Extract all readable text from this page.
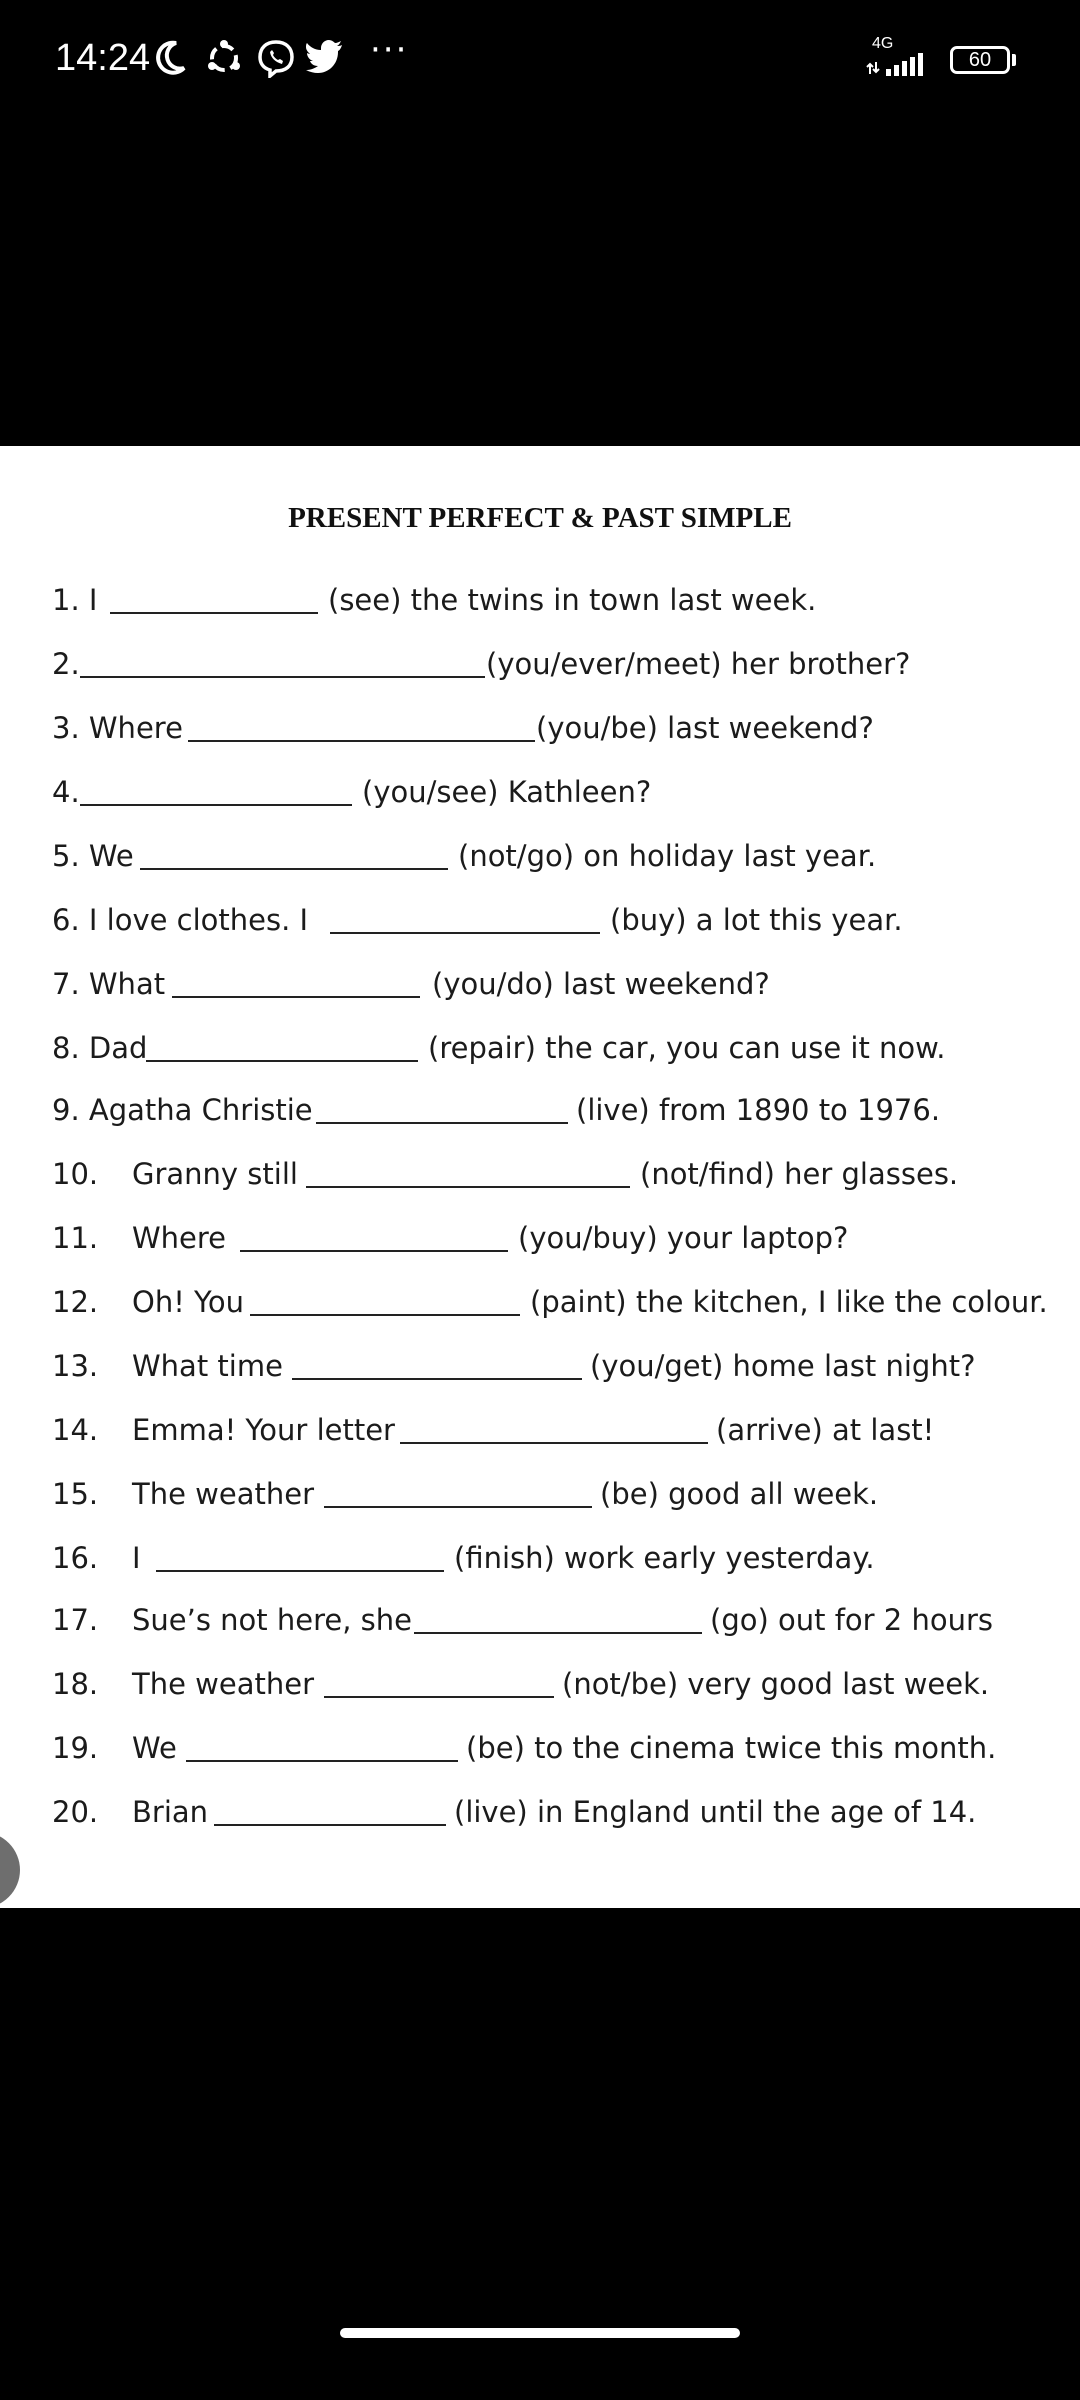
14:24	···	4G
60
PRESENT PERFECT & PAST SIMPLE
1. I	(see) the twins in town last week.
2.	(you/ever/meet) her brother?
3. Where	(you/be) last weekend?
4.	(you/see) Kathleen?
5. We	(not/go) on holiday last year.
6. I love clothes. I	(buy) a lot this year.
7. What	(you/do) last weekend?
8. Dad	(repair) the car, you can use it now.
9. Agatha Christie	(live) from 1890 to 1976.
10. Granny still	(not/find) her glasses.
11. Where	(you/buy) your laptop?
12. Oh! You	(paint) the kitchen, I like the colour.
13. What time	(you/get) home last night?
14. Emma! Your letter	(arrive) at last!
15. The weather	(be) good all week.
16. I	(finish) work early yesterday.
17. Sue’s not here, she	(go) out for 2 hours
18. The weather	(not/be) very good last week.
19. We	(be) to the cinema twice this month.
20. Brian	(live) in England until the age of 14.
